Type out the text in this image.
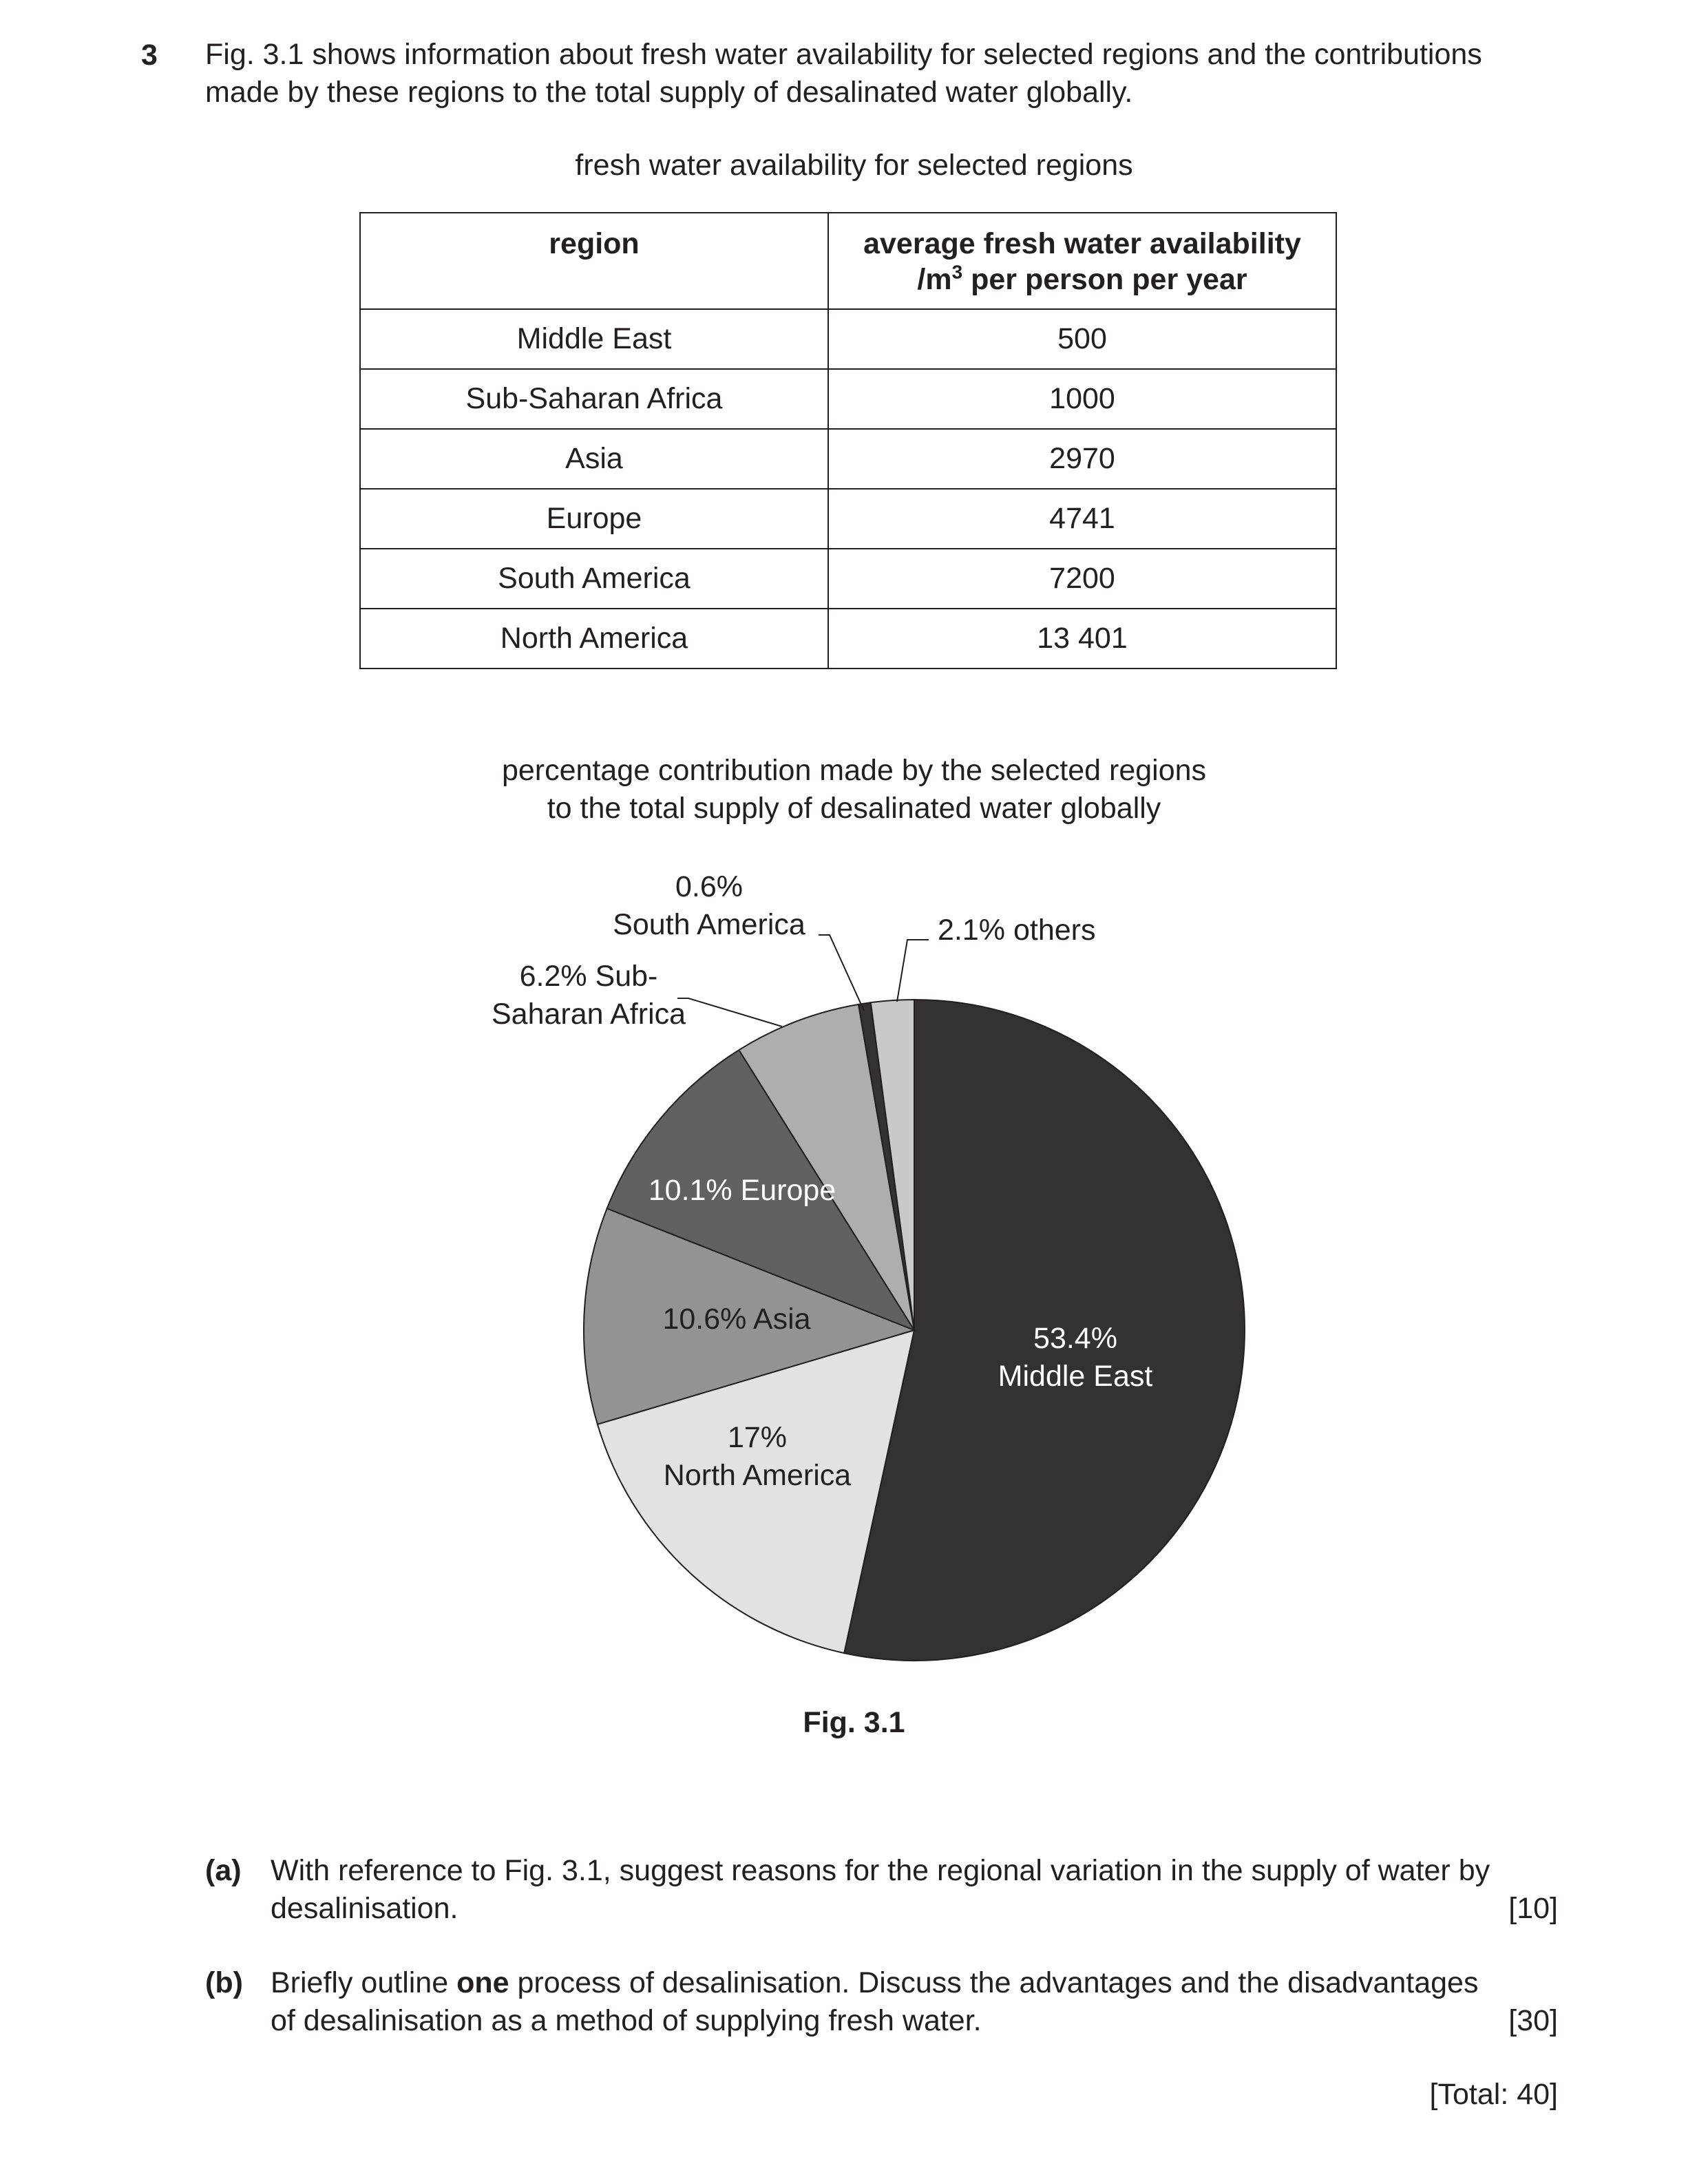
3 Fig. 3.1 shows information about fresh water availability for selected regions and the contributions
made by these regions to the total supply of desalinated water globally.
fresh water availability for selected regions
region	average fresh water availability
$/m^3$ per person per year
Middle East	500
Sub-Saharan Africa	1000
Asia	2970
Europe	4741
South America	7200
North America	13 401
percentage contribution made by the selected regions
to the total supply of desalinated water globally
53.4% Middle East
17% North America
10.6% Asia
10.1% Europe
6.2% Sub-Saharan Africa
0.6% South America	2.1% others
Fig. 3.1
(a) With reference to Fig. 3.1, suggest reasons for the regional variation in the supply of water by
desalinisation.	[10]
(b) Briefly outline one process of desalinisation. Discuss the advantages and the disadvantages
of desalinisation as a method of supplying fresh water.	[30]
[Total: 40]
